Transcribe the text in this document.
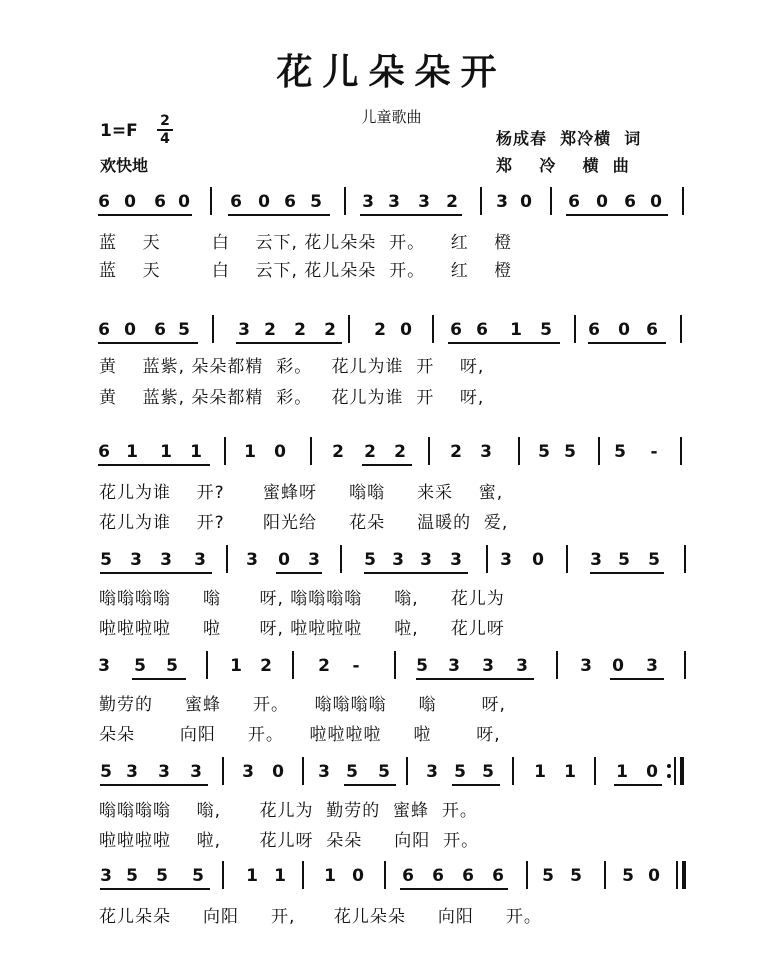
花儿朵朵开
儿童歌曲
1=F 2
4
欢快地
杨成春  郑冷横  词
郑    冷    横  曲
6 0 6 0 6 0 6 5 3 3 3 2 3 0 6 0 6 0
蓝    天        白    云下, 花儿朵朵  开。    红    橙
蓝    天        白    云下, 花儿朵朵  开。    红    橙
6 0 6 5	3 2 2 2 2 0 6 6 1 5 6 0 6
黄    蓝紫, 朵朵都精  彩。   花儿为谁  开    呀,
黄    蓝紫, 朵朵都精  彩。   花儿为谁  开    呀,
6 1 1 1 1 0	2 2 2	2 3	5 5 5	-
花儿为谁    开?      蜜蜂呀     嗡嗡     来采    蜜,
花儿为谁    开?      阳光给     花朵     温暖的  爱,
5 3 3 3 3 0 3	5 3 3 3 3 0	3 5 5
嗡嗡嗡嗡     嗡      呀, 嗡嗡嗡嗡     嗡,     花儿为
啦啦啦啦     啦      呀, 啦啦啦啦     啦,     花儿呀
3 5 5	1 2	2	-	5 3 3 3	3 0 3
勤劳的     蜜蜂     开。    嗡嗡嗡嗡     嗡       呀,
朵朵       向阳     开。    啦啦啦啦     啦       呀,
5 3 3 3 3 0 3 5 5 3 5 5 1 1 1 0
嗡嗡嗡嗡    嗡,      花儿为  勤劳的  蜜蜂  开。
啦啦啦啦    啦,      花儿呀  朵朵     向阳  开。
3 5 5 5 1 1 1 0 6 6 6 6 5 5 5 0
花儿朵朵     向阳     开,      花儿朵朵     向阳     开。
